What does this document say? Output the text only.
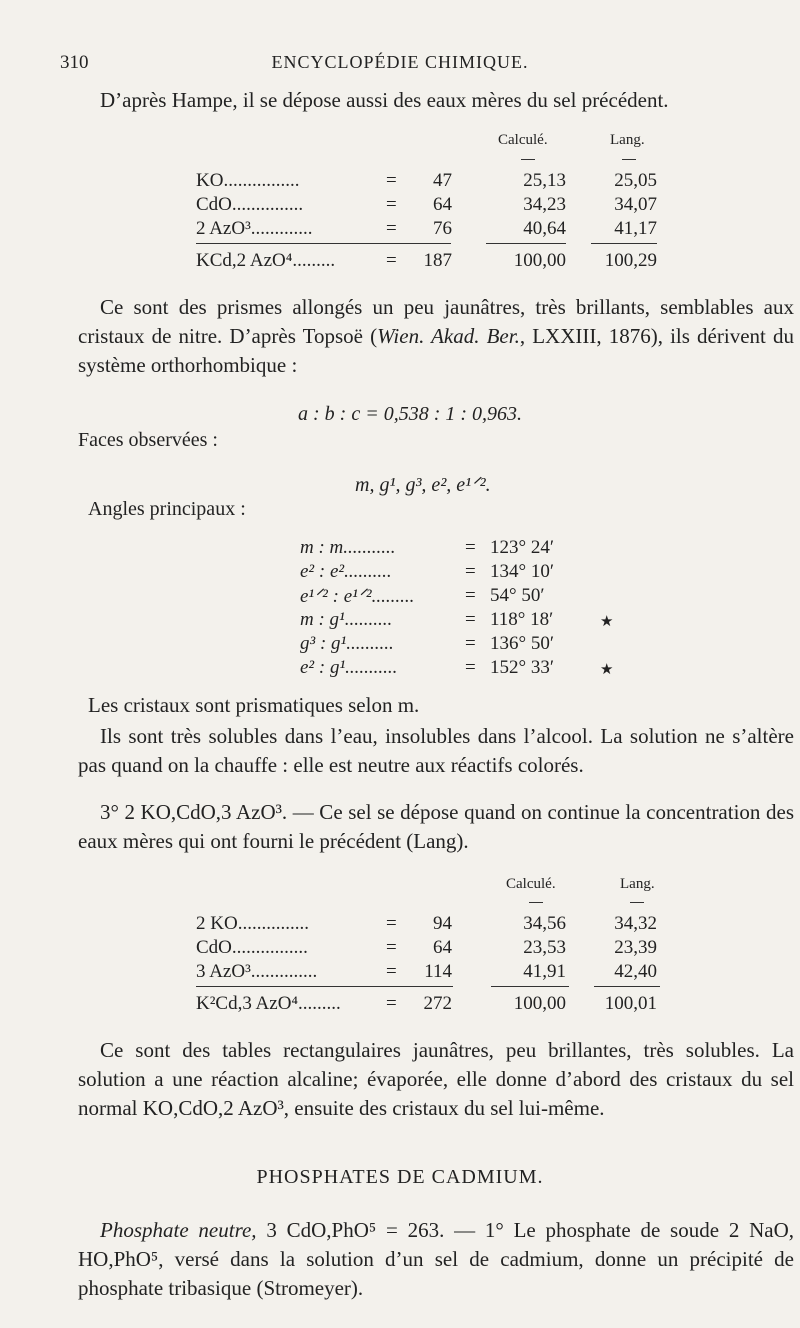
310	ENCYCLOPÉDIE CHIMIQUE.

D’après Hampe, il se dépose aussi des eaux mères du sel précédent.

Calculé.	Lang.
KO................	=	47	25,13	25,05
CdO...............	=	64	34,23	34,07
2 AzO³.............	=	76	40,64	41,17
KCd,2 AzO⁴.........	=	187	100,00	100,29

Ce sont des prismes allongés un peu jaunâtres, très brillants, semblables aux cristaux de nitre. D’après Topsoë (Wien. Akad. Ber., LXXIII, 1876), ils dérivent du système orthorhombique :

a : b : c = 0,538 : 1 : 0,963.
Faces observées :
m, g¹, g³, e², e¹ᐟ².
Angles principaux :
m : m...........	= 123° 24′
e² : e²..........	= 134° 10′
e¹ᐟ² : e¹ᐟ².........	= 54° 50′
m : g¹..........	= 118° 18′	★
g³ : g¹..........	= 136° 50′
e² : g¹...........	= 152° 33′	★
Les cristaux sont prismatiques selon m.

Ils sont très solubles dans l’eau, insolubles dans l’alcool. La solution ne s’altère pas quand on la chauffe : elle est neutre aux réactifs colorés.

3° 2 KO,CdO,3 AzO³. — Ce sel se dépose quand on continue la concentration des eaux mères qui ont fourni le précédent (Lang).

Calculé.	Lang.
2 KO...............	=	94	34,56	34,32
CdO................	=	64	23,53	23,39
3 AzO³..............	=	114	41,91	42,40
K²Cd,3 AzO⁴......... =	272	100,00	100,01

Ce sont des tables rectangulaires jaunâtres, peu brillantes, très solubles. La solution a une réaction alcaline; évaporée, elle donne d’abord des cristaux du sel normal KO,CdO,2 AzO³, ensuite des cristaux du sel lui-même.

PHOSPHATES DE CADMIUM.

Phosphate neutre, 3 CdO,PhO⁵ = 263. — 1° Le phosphate de soude 2 NaO, HO,PhO⁵, versé dans la solution d’un sel de cadmium, donne un précipité de phosphate tribasique (Stromeyer).
